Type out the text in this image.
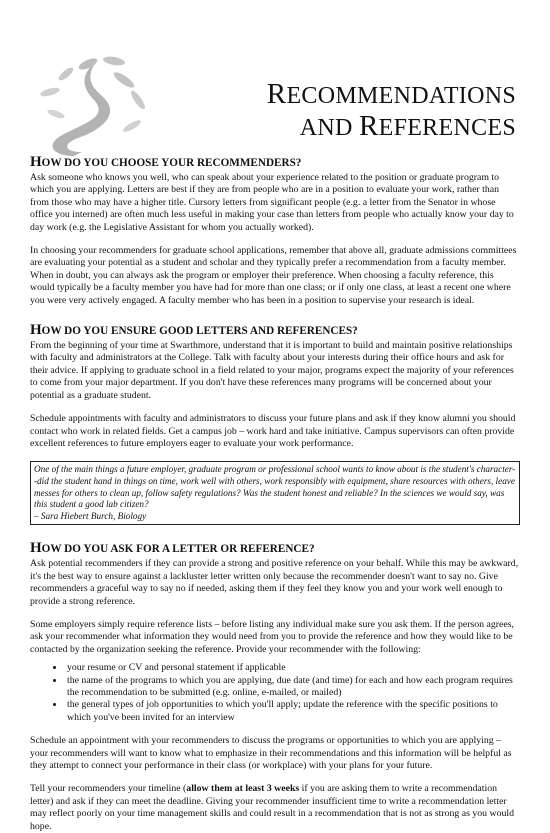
RECOMMENDATIONS
AND REFERENCES
HOW DO YOU CHOOSE YOUR RECOMMENDERS?

Ask someone who knows you well, who can speak about your experience related to the position or graduate program to which you are applying. Letters are best if they are from people who are in a position to evaluate your work, rather than from those who may have a higher title. Cursory letters from significant people (e.g. a letter from the Senator in whose office you interned) are often much less useful in making your case than letters from people who actually know your day to day work (e.g. the Legislative Assistant for whom you actually worked).

In choosing your recommenders for graduate school applications, remember that above all, graduate admissions committees are evaluating your potential as a student and scholar and they typically prefer a recommendation from a faculty member. When in doubt, you can always ask the program or employer their preference. When choosing a faculty reference, this would typically be a faculty member you have had for more than one class; or if only one class, at least a recent one where you were very actively engaged. A faculty member who has been in a position to supervise your research is ideal.

HOW DO YOU ENSURE GOOD LETTERS AND REFERENCES?

From the beginning of your time at Swarthmore, understand that it is important to build and maintain positive relationships with faculty and administrators at the College. Talk with faculty about your interests during their office hours and ask for their advice. If applying to graduate school in a field related to your major, programs expect the majority of your references to come from your major department. If you don't have these references many programs will be concerned about your potential as a graduate student.

Schedule appointments with faculty and administrators to discuss your future plans and ask if they know alumni you should contact who work in related fields. Get a campus job – work hard and take initiative. Campus supervisors can often provide excellent references to future employers eager to evaluate your work performance.

One of the main things a future employer, graduate program or professional school wants to know about is the student's character--did the student hand in things on time, work well with others, work responsibly with equipment, share resources with others, leave messes for others to clean up, follow safety regulations? Was the student honest and reliable? In the sciences we would say, was this student a good lab citizen?
– Sara Hiebert Burch, Biology
HOW DO YOU ASK FOR A LETTER OR REFERENCE?

Ask potential recommenders if they can provide a strong and positive reference on your behalf. While this may be awkward, it's the best way to ensure against a lackluster letter written only because the recommender doesn't want to say no. Give recommenders a graceful way to say no if needed, asking them if they feel they know you and your work well enough to provide a strong reference.

Some employers simply require reference lists – before listing any individual make sure you ask them. If the person agrees, ask your recommender what information they would need from you to provide the reference and how they would like to be contacted by the organization seeking the reference. Provide your recommender with the following:

• your resume or CV and personal statement if applicable
• the name of the programs to which you are applying, due date (and time) for each and how each program requires the recommendation to be submitted (e.g. online, e-mailed, or mailed)
• the general types of job opportunities to which you'll apply; update the reference with the specific positions to which you've been invited for an interview

Schedule an appointment with your recommenders to discuss the programs or opportunities to which you are applying – your recommenders will want to know what to emphasize in their recommendations and this information will be helpful as they attempt to connect your performance in their class (or workplace) with your plans for your future.

Tell your recommenders your timeline (allow them at least 3 weeks if you are asking them to write a recommendation letter) and ask if they can meet the deadline. Giving your recommender insufficient time to write a recommendation letter may reflect poorly on your time management skills and could result in a recommendation that is not as strong as you would hope.
